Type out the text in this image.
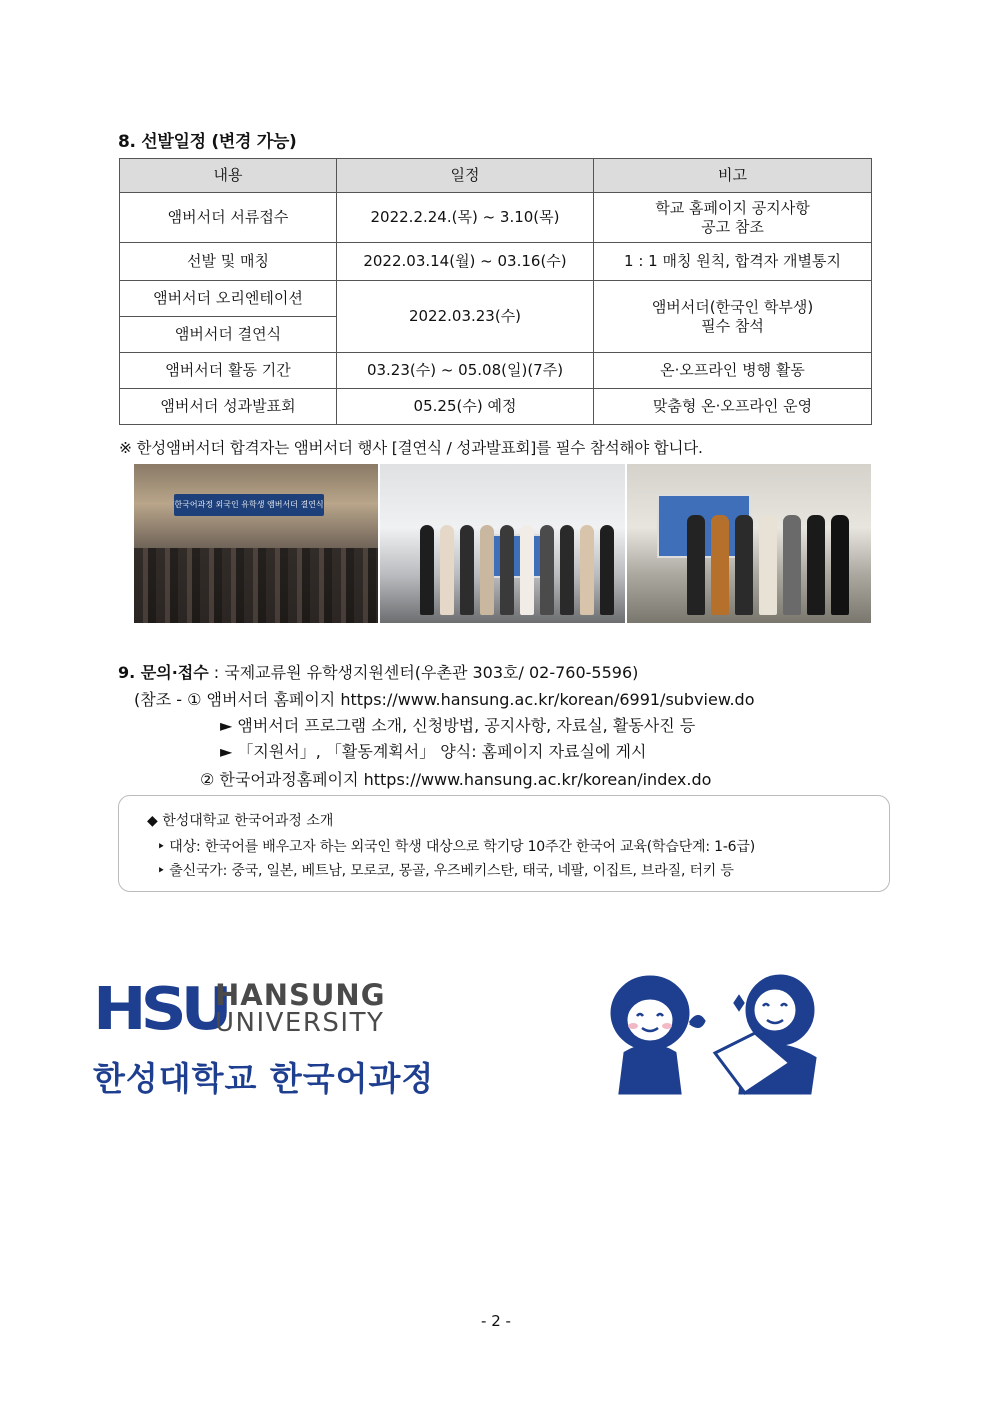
8. 선발일정 (변경 가능)
내용	일정	비고
앰버서더 서류접수	2022.2.24.(목) ~ 3.10(목)	학교 홈페이지 공지사항
공고 참조
선발 및 매칭	2022.03.14(월) ~ 03.16(수)	1 : 1 매칭 원칙, 합격자 개별통지
앰버서더 오리엔테이션	2022.03.23(수)	앰버서더(한국인 학부생)
필수 참석
앰버서더 결연식		
앰버서더 활동 기간	03.23(수) ~ 05.08(일)(7주)	온·오프라인 병행 활동
앰버서더 성과발표회	05.25(수) 예정	맞춤형 온·오프라인 운영
※ 한성앰버서더 합격자는 앰버서더 행사 [결연식 / 성과발표회]를 필수 참석해야 합니다.
한국어과정 외국인 유학생 앰버서더 결연식
9. 문의·접수 : 국제교류원 유학생지원센터(우촌관 303호/ 02-760-5596)
(참조 - ① 앰버서더 홈페이지 https://www.hansung.ac.kr/korean/6991/subview.do
► 앰버서더 프로그램 소개, 신청방법, 공지사항, 자료실, 활동사진 등
► 「지원서」, 「활동계획서」 양식: 홈페이지 자료실에 게시
② 한국어과정홈페이지 https://www.hansung.ac.kr/korean/index.do
◆ 한성대학교 한국어과정 소개
‣ 대상: 한국어를 배우고자 하는 외국인 학생 대상으로 학기당 10주간 한국어 교육(학습단계: 1-6급)
‣ 출신국가: 중국, 일본, 베트남, 모로코, 몽골, 우즈베키스탄, 태국, 네팔, 이집트, 브라질, 터키 등
HSU
HANSUNG
UNIVERSITY
한성대학교 한국어과정
- 2 -
